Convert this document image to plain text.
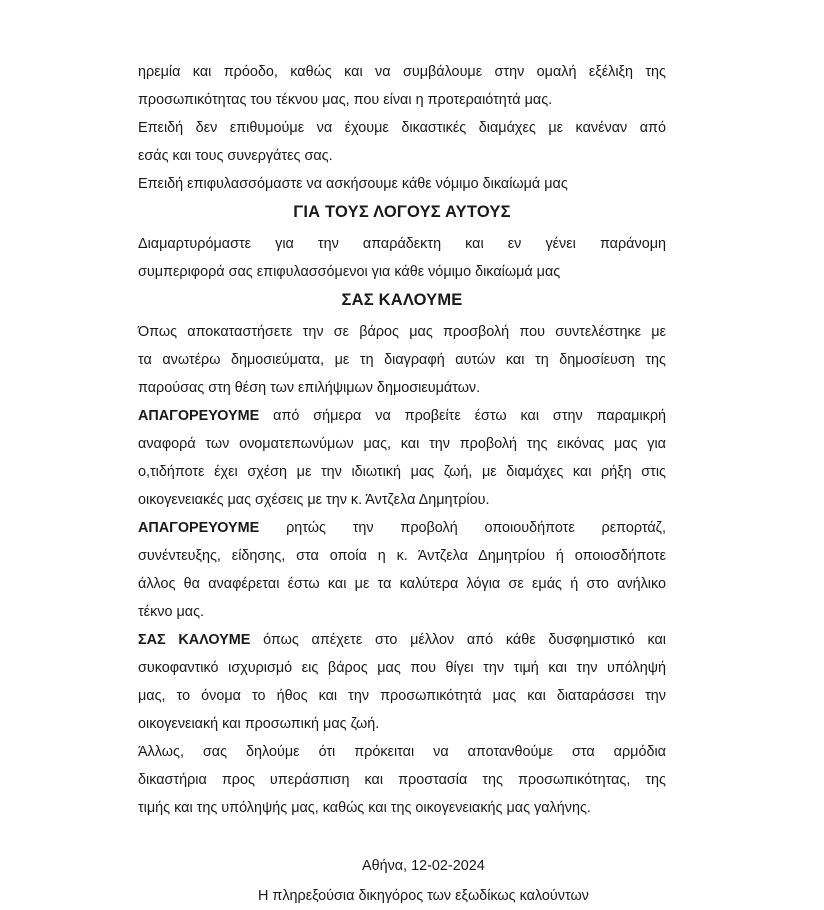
ηρεμία και πρόοδο, καθώς και να συμβάλουμε στην ομαλή εξέλιξη της
προσωπικότητας του τέκνου μας, που είναι η προτεραιότητά μας.
Επειδή δεν επιθυμούμε να έχουμε δικαστικές διαμάχες με κανέναν από
εσάς και τους συνεργάτες σας.
Επειδή επιφυλασσόμαστε να ασκήσουμε κάθε νόμιμο δικαίωμά μας
ΓΙΑ ΤΟΥΣ ΛΟΓΟΥΣ ΑΥΤΟΥΣ
Διαμαρτυρόμαστε για την απαράδεκτη και εν γένει παράνομη
συμπεριφορά σας επιφυλασσόμενοι για κάθε νόμιμο δικαίωμά μας
ΣΑΣ ΚΑΛΟΥΜΕ
Όπως αποκαταστήσετε την σε βάρος μας προσβολή που συντελέστηκε με
τα ανωτέρω δημοσιεύματα, με τη διαγραφή αυτών και τη δημοσίευση της
παρούσας στη θέση των επιλήψιμων δημοσιευμάτων.
ΑΠΑΓΟΡΕΥΟΥΜΕ από σήμερα να προβείτε έστω και στην παραμικρή
αναφορά των ονοματεπωνύμων μας, και την προβολή της εικόνας μας για
ο,τιδήποτε έχει σχέση με την ιδιωτική μας ζωή, με διαμάχες και ρήξη στις
οικογενειακές μας σχέσεις με την κ. Άντζελα Δημητρίου.
ΑΠΑΓΟΡΕΥΟΥΜΕ ρητώς την προβολή οποιουδήποτε ρεπορτάζ,
συνέντευξης, είδησης, στα οποία η κ. Άντζελα Δημητρίου ή οποιοσδήποτε
άλλος θα αναφέρεται έστω και με τα καλύτερα λόγια σε εμάς ή στο ανήλικο
τέκνο μας.
ΣΑΣ ΚΑΛΟΥΜΕ όπως απέχετε στο μέλλον από κάθε δυσφημιστικό και
συκοφαντικό ισχυρισμό εις βάρος μας που θίγει την τιμή και την υπόληψή
μας, το όνομα το ήθος και την προσωπικότητά μας και διαταράσσει την
οικογενειακή και προσωπική μας ζωή.
Άλλως, σας δηλούμε ότι πρόκειται να αποτανθούμε στα αρμόδια
δικαστήρια προς υπεράσπιση και προστασία της προσωπικότητας, της
τιμής και της υπόληψής μας, καθώς και της οικογενειακής μας γαλήνης.
Αθήνα, 12-02-2024
Η πληρεξούσια δικηγόρος των εξωδίκως καλούντων
